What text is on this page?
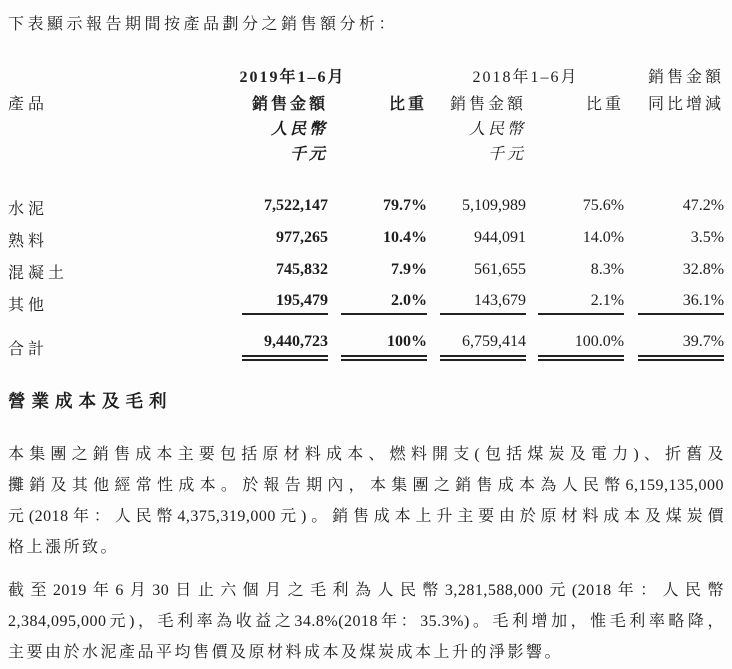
下表顯示報告期間按產品劃分之銷售額分析：
	2019年1–6月		2018年1–6月		銷售金額
產品	銷售金額	比重	銷售金額	比重	同比增減
	人民幣		人民幣		
	千元		千元		

水泥	7,522,147	79.7%	5,109,989	75.6%	47.2%
熟料	977,265	10.4%	944,091	14.0%	3.5%
混凝土	745,832	7.9%	561,655	8.3%	32.8%
其他	195,479	2.0%	143,679	2.1%	36.1%

合計	9,440,723	100%	6,759,414	100.0%	39.7%
營業成本及毛利
本集團之銷售成本主要包括原材料成本、燃料開支(包括煤炭及電力)、折舊及
攤銷及其他經常性成本。於報告期內，本集團之銷售成本為人民幣6,159,135,000
元(2018年：人民幣4,375,319,000元)。銷售成本上升主要由於原材料成本及煤炭價
格上漲所致。
截至2019年6月30日止六個月之毛利為人民幣3,281,588,000元(2018年：人民幣
2,384,095,000元)，毛利率為收益之34.8%(2018年：35.3%)。毛利增加，惟毛利率略降，
主要由於水泥產品平均售價及原材料成本及煤炭成本上升的淨影響。
